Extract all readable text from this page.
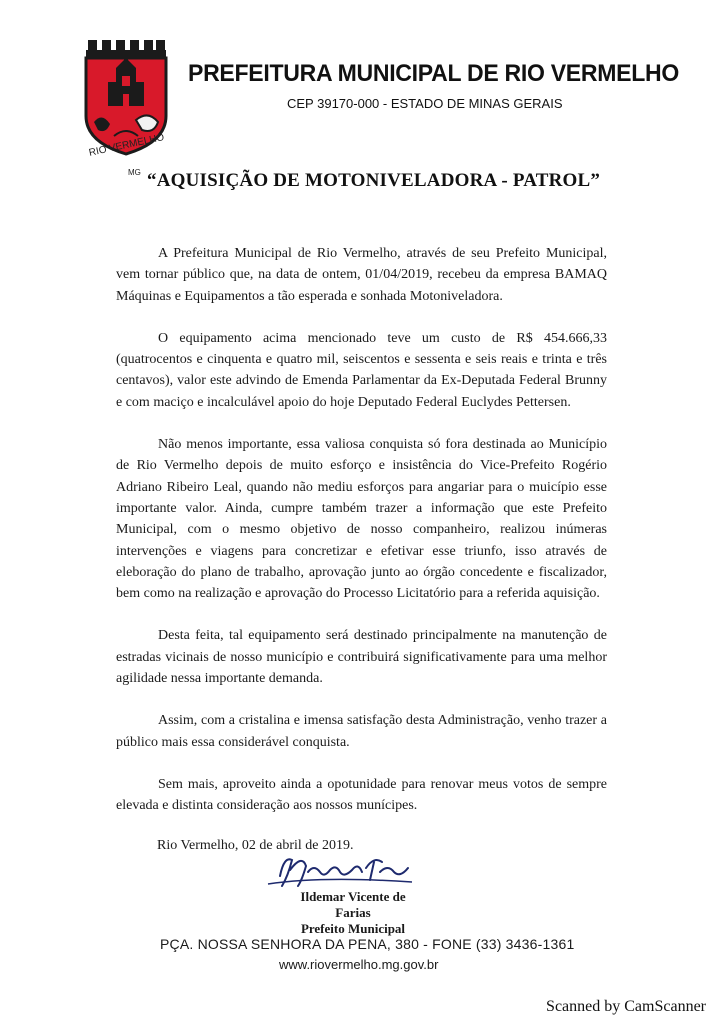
RIO VERMELHO
MG
PREFEITURA MUNICIPAL DE RIO VERMELHO
CEP 39170-000 - ESTADO DE MINAS GERAIS
“AQUISIÇÃO DE MOTONIVELADORA - PATROL”

A Prefeitura Municipal de Rio Vermelho, através de seu Prefeito Municipal, vem tornar público que, na data de ontem, 01/04/2019, recebeu da empresa BAMAQ Máquinas e Equipamentos a tão esperada e sonhada Motoniveladora.

O equipamento acima mencionado teve um custo de R$ 454.666,33 (quatrocentos e cinquenta e quatro mil, seiscentos e sessenta e seis reais e trinta e três centavos), valor este advindo de Emenda Parlamentar da Ex-Deputada Federal Brunny e com maciço e incalculável apoio do hoje Deputado Federal Euclydes Pettersen.

Não menos importante, essa valiosa conquista só fora destinada ao Município de Rio Vermelho depois de muito esforço e insistência do Vice-Prefeito Rogério Adriano Ribeiro Leal, quando não mediu esforços para angariar para o muicípio esse importante valor. Ainda, cumpre também trazer a informação que este Prefeito Municipal, com o mesmo objetivo de nosso companheiro, realizou inúmeras intervenções e viagens para concretizar e efetivar esse triunfo, isso através de eleboração do plano de trabalho, aprovação junto ao órgão concedente e fiscalizador, bem como na realização e aprovação do Processo Licitatório para a referida aquisição.

Desta feita, tal equipamento será destinado principalmente na manutenção de estradas vicinais de nosso município e contribuirá significativamente para uma melhor agilidade nessa importante demanda.

Assim, com a cristalina e imensa satisfação desta Administração, venho trazer a público mais essa considerável conquista.

Sem mais, aproveito ainda a opotunidade para renovar meus votos de sempre elevada e distinta consideração aos nossos munícipes.

Rio Vermelho, 02 de abril de 2019.
Ildemar Vicente de Farias
Prefeito Municipal
PÇA. NOSSA SENHORA DA PENA, 380 - FONE (33) 3436-1361
www.riovermelho.mg.gov.br
Scanned by CamScanner
